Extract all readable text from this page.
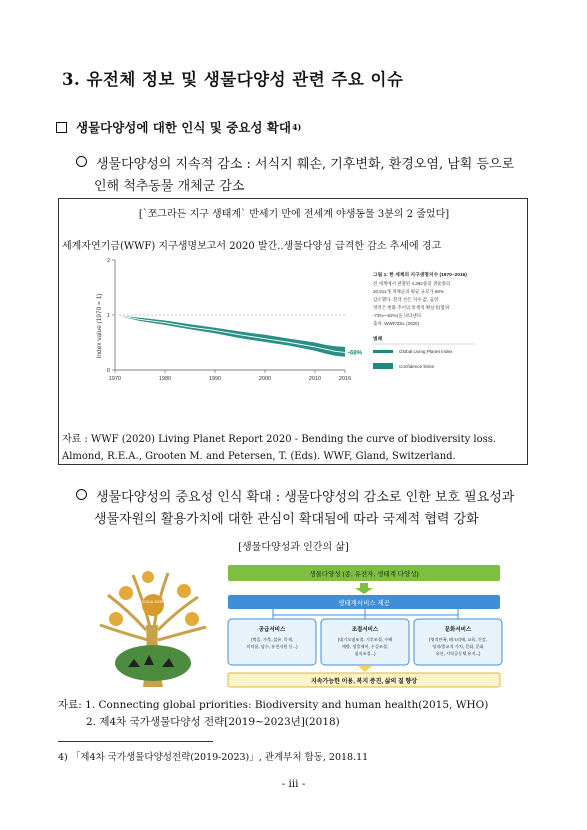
3. 유전체 정보 및 생물다양성 관련 주요 이슈
생물다양성에 대한 인식 및 중요성 확대 4)
생물다양성의 지속적 감소 : 서식지 훼손, 기후변화, 환경오염, 남획 등으로
인해 척추동물 개체군 감소
[`쪼그라든 지구 생태계` 반세기 만에 전세계 야생동물 3분의 2 줄었다]
세계자연기금(WWF) 지구생명보고서 2020 발간..생물다양성 급격한 감소 추세에 경고
0
1
2
1970	1980	1990	2000	2010	2016
-68%
Index value (1970 = 1)
그림 1: 한 세계의 지구생명지수 (1970~2016)
전 세계에서 관찰된 4,392종의 생물종의
20,811개 개체군의 평균 규모가 68%
감소했다. 흰색 선은 지수 값, 음영
영역은 변화 추이의 통계적 확실성(범위:
-73%~-62%)을 나타낸다.
출처: WWF/ZSL (2020)
범례
Global Living Planet Index
Confidence limits
자료 : WWF (2020) Living Planet Report 2020 - Bending the curve of biodiversity loss.
Almond, R.E.A., Grooten M. and Petersen, T. (Eds). WWF, Gland, Switzerland.
생물다양성의 중요성 인식 확대 : 생물다양성의 감소로 인한 보호 필요성과
생물자원의 활용가치에 대한 관심이 확대됨에 따라 국제적 협력 강화
[생물다양성과 인간의 삶]
BIOLOGICAL DIVERSITY
생물다양성 (종, 유전자, 생태계 다양성)
생태계서비스 제공
공급서비스
(먹을, 가축, 섬유, 목재,
의약품, 담수, 유전자원 등...)
조절서비스
(대기오염조절, 기후조절, 수해
예방, 생물제어, 수질조절,
침식조절...)
문화서비스
(영적만족, 레크리에, 교육, 건강,
영적/종교적 가치, 문화, 문화
유산, 지역공동체 유지...)
지속가능한 이용, 복지 증진, 삶의 질 향상
자료: 1. Connecting global priorities: Biodiversity and human health(2015, WHO)
2. 제4차 국가생물다양성 전략[2019~2023년](2018)
4) 「제4차 국가생물다양성전략(2019-2023)」, 관계부처 합동, 2018.11
- iii -
